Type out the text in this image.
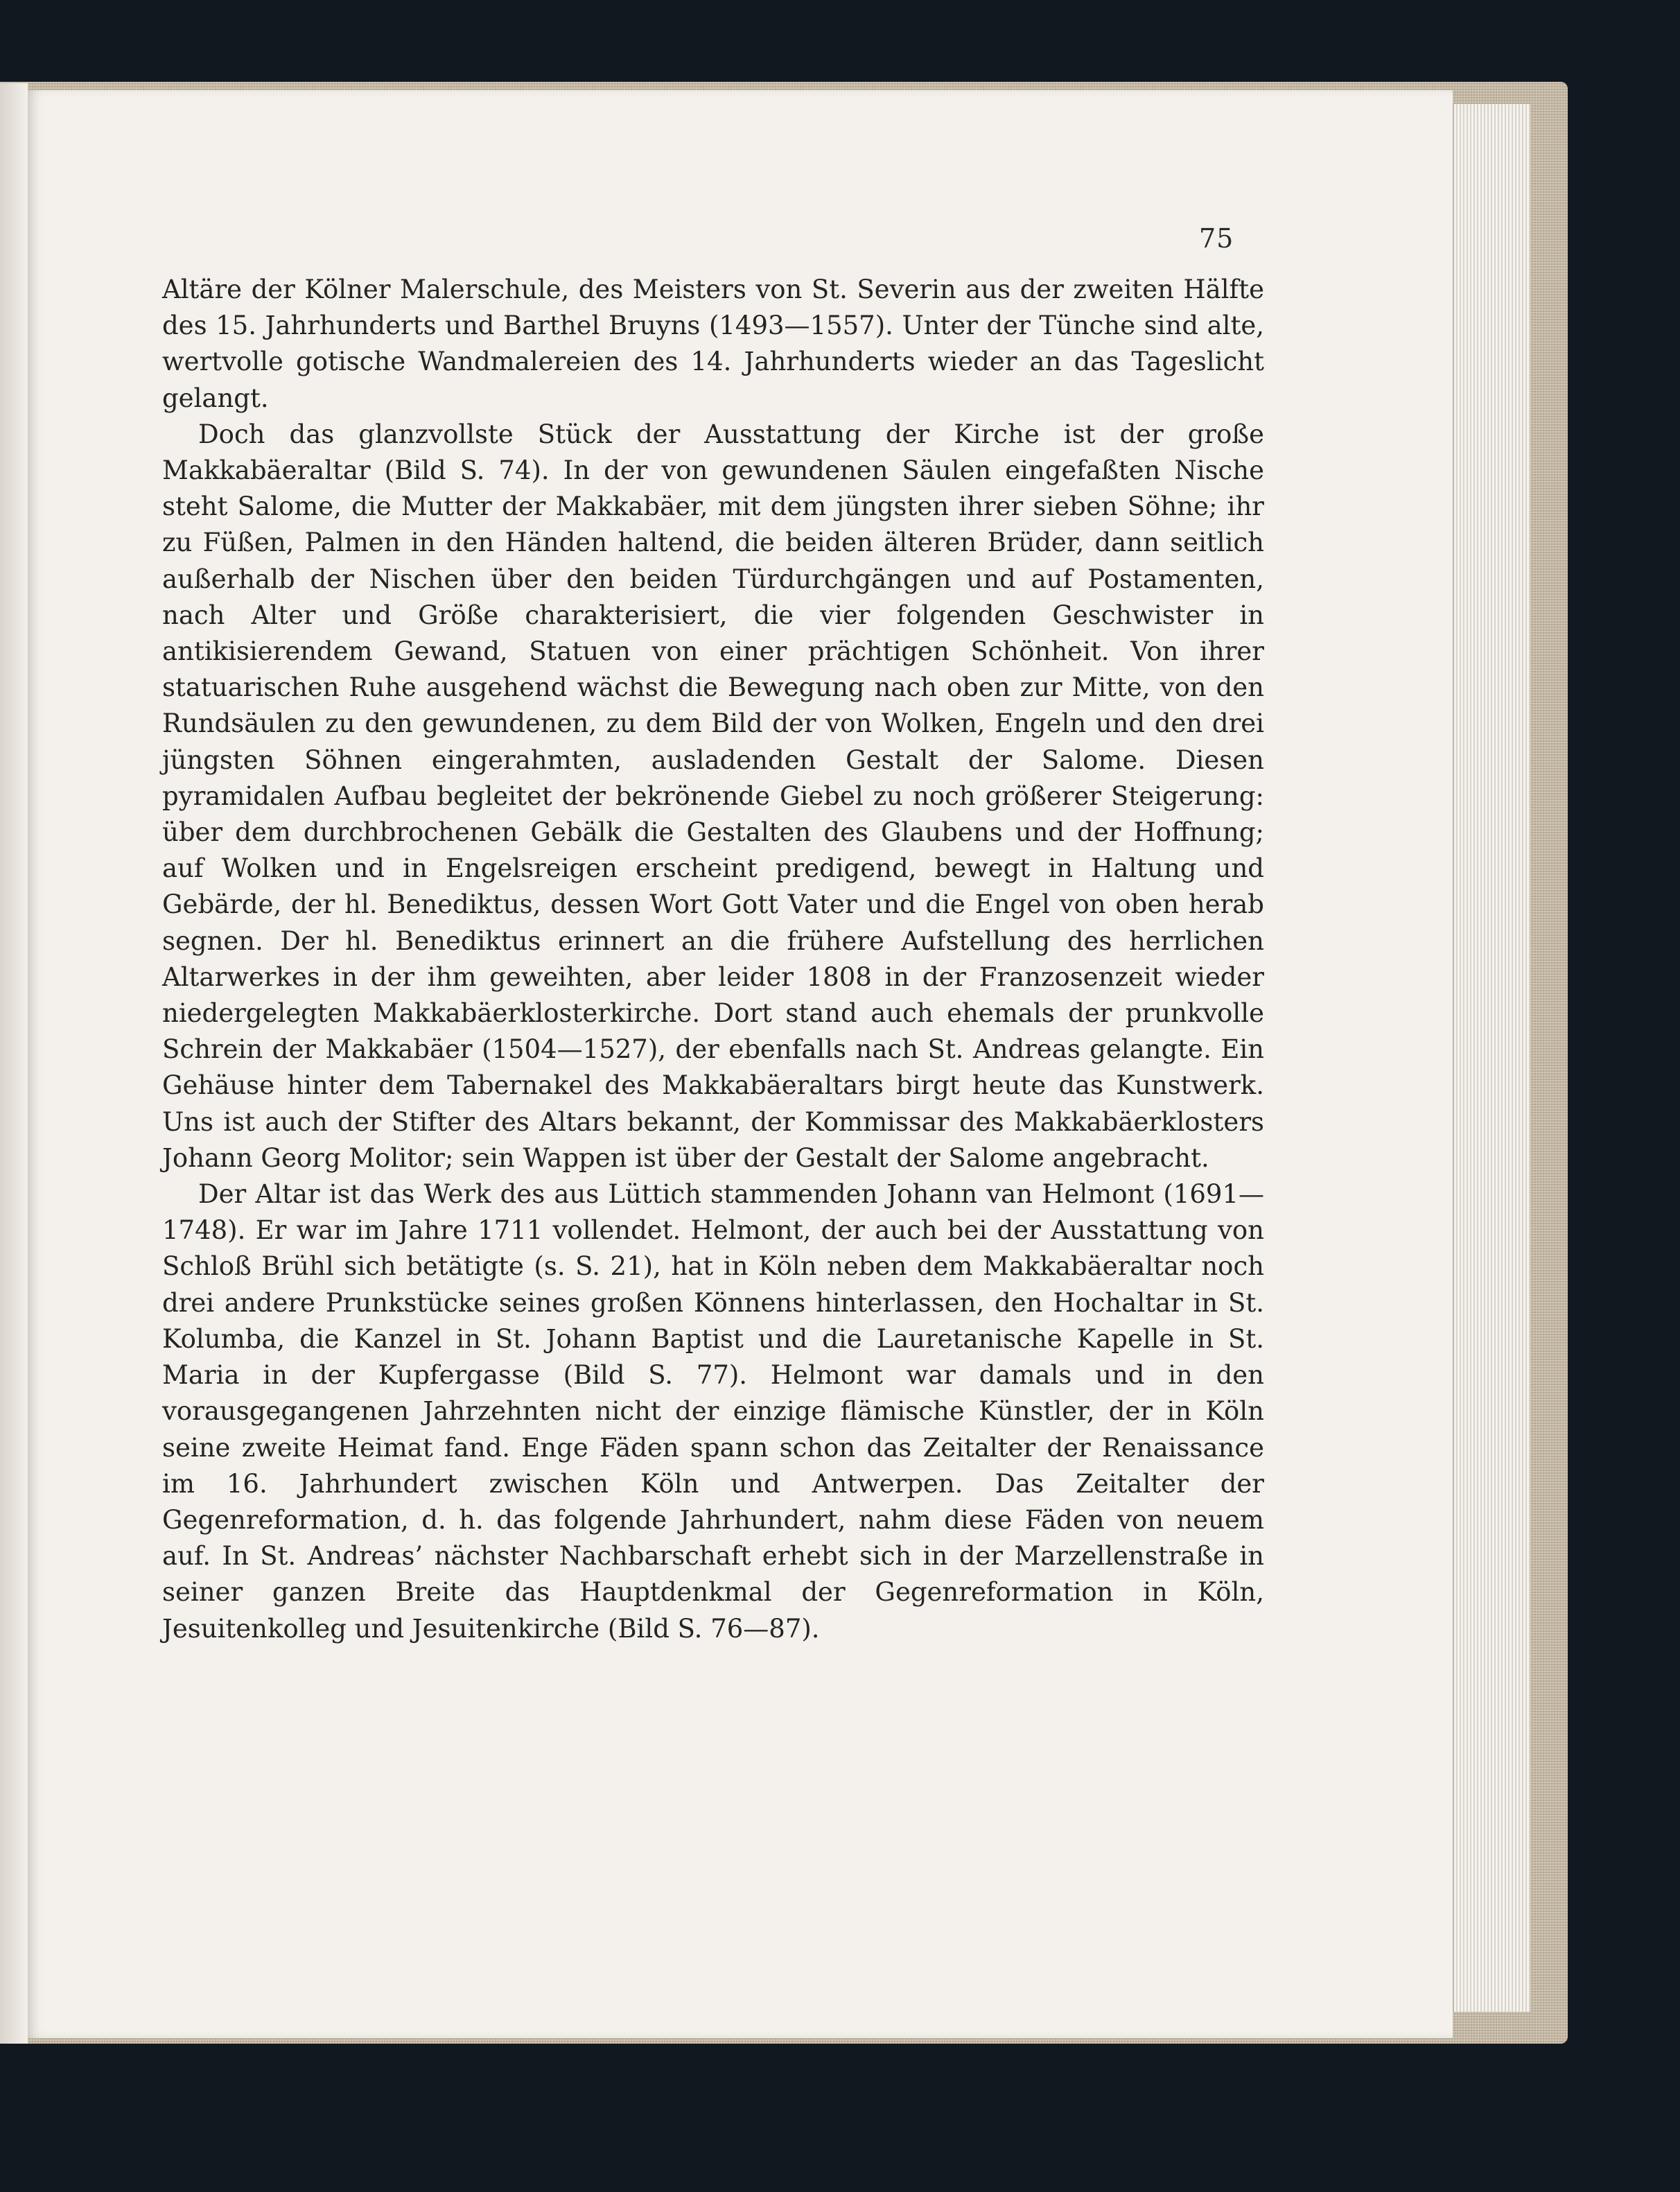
75

Altäre der Kölner Malerschule, des Meisters von St. Severin aus der zweiten Hälfte des 15. Jahrhunderts und Barthel Bruyns (1493—1557). Unter der Tünche sind alte, wertvolle gotische Wandmalereien des 14. Jahrhunderts wieder an das Tageslicht gelangt.

Doch das glanzvollste Stück der Ausstattung der Kirche ist der große Makkabäeraltar (Bild S. 74). In der von gewundenen Säulen eingefaßten Nische steht Salome, die Mutter der Makkabäer, mit dem jüngsten ihrer sieben Söhne; ihr zu Füßen, Palmen in den Händen haltend, die beiden älteren Brüder, dann seitlich außerhalb der Nischen über den beiden Türdurchgängen und auf Postamenten, nach Alter und Größe charakterisiert, die vier folgenden Geschwister in antikisierendem Gewand, Statuen von einer prächtigen Schönheit. Von ihrer statuarischen Ruhe ausgehend wächst die Bewegung nach oben zur Mitte, von den Rundsäulen zu den gewundenen, zu dem Bild der von Wolken, Engeln und den drei jüngsten Söhnen eingerahmten, ausladenden Gestalt der Salome. Diesen pyramidalen Aufbau begleitet der bekrönende Giebel zu noch größerer Steigerung: über dem durchbrochenen Gebälk die Gestalten des Glaubens und der Hoffnung; auf Wolken und in Engelsreigen erscheint predigend, bewegt in Haltung und Gebärde, der hl. Benediktus, dessen Wort Gott Vater und die Engel von oben herab segnen. Der hl. Benediktus erinnert an die frühere Aufstellung des herrlichen Altarwerkes in der ihm geweihten, aber leider 1808 in der Franzosenzeit wieder niedergelegten Makkabäerklosterkirche. Dort stand auch ehemals der prunkvolle Schrein der Makkabäer (1504—1527), der ebenfalls nach St. Andreas gelangte. Ein Gehäuse hinter dem Tabernakel des Makkabäeraltars birgt heute das Kunstwerk. Uns ist auch der Stifter des Altars bekannt, der Kommissar des Makkabäerklosters Johann Georg Molitor; sein Wappen ist über der Gestalt der Salome angebracht.

Der Altar ist das Werk des aus Lüttich stammenden Johann van Helmont (1691—1748). Er war im Jahre 1711 vollendet. Helmont, der auch bei der Ausstattung von Schloß Brühl sich betätigte (s. S. 21), hat in Köln neben dem Makkabäeraltar noch drei andere Prunkstücke seines großen Könnens hinterlassen, den Hochaltar in St. Kolumba, die Kanzel in St. Johann Baptist und die Lauretanische Kapelle in St. Maria in der Kupfergasse (Bild S. 77). Helmont war damals und in den vorausgegangenen Jahrzehnten nicht der einzige flämische Künstler, der in Köln seine zweite Heimat fand. Enge Fäden spann schon das Zeitalter der Renaissance im 16. Jahrhundert zwischen Köln und Antwerpen. Das Zeitalter der Gegenreformation, d. h. das folgende Jahrhundert, nahm diese Fäden von neuem auf. In St. Andreas’ nächster Nachbarschaft erhebt sich in der Marzellenstraße in seiner ganzen Breite das Hauptdenkmal der Gegenreformation in Köln, Jesuitenkolleg und Jesuitenkirche (Bild S. 76—87).
